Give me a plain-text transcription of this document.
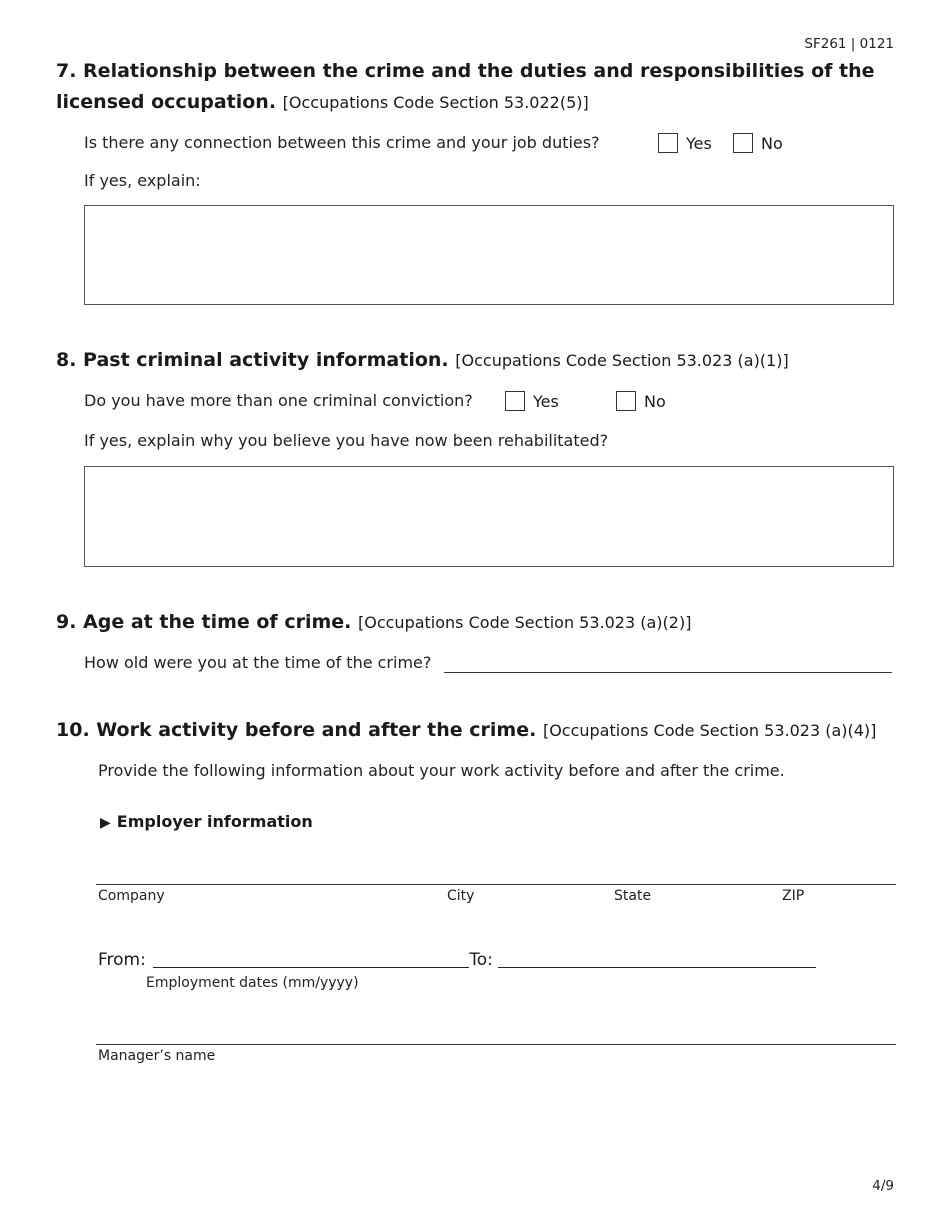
SF261 | 0121
7. Relationship between the crime and the duties and responsibilities of the
licensed occupation. [Occupations Code Section 53.022(5)]
Is there any connection between this crime and your job duties?	Yes	No
If yes, explain:
8. Past criminal activity information. [Occupations Code Section 53.023 (a)(1)]
Do you have more than one criminal conviction?	Yes	No
If yes, explain why you believe you have now been rehabilitated?
9. Age at the time of crime. [Occupations Code Section 53.023 (a)(2)]
How old were you at the time of the crime?
10. Work activity before and after the crime. [Occupations Code Section 53.023 (a)(4)]
Provide the following information about your work activity before and after the crime.
▶ Employer information
Company	City	State	ZIP
From:	To:
Employment dates (mm/yyyy)
Manager’s name
4/9
